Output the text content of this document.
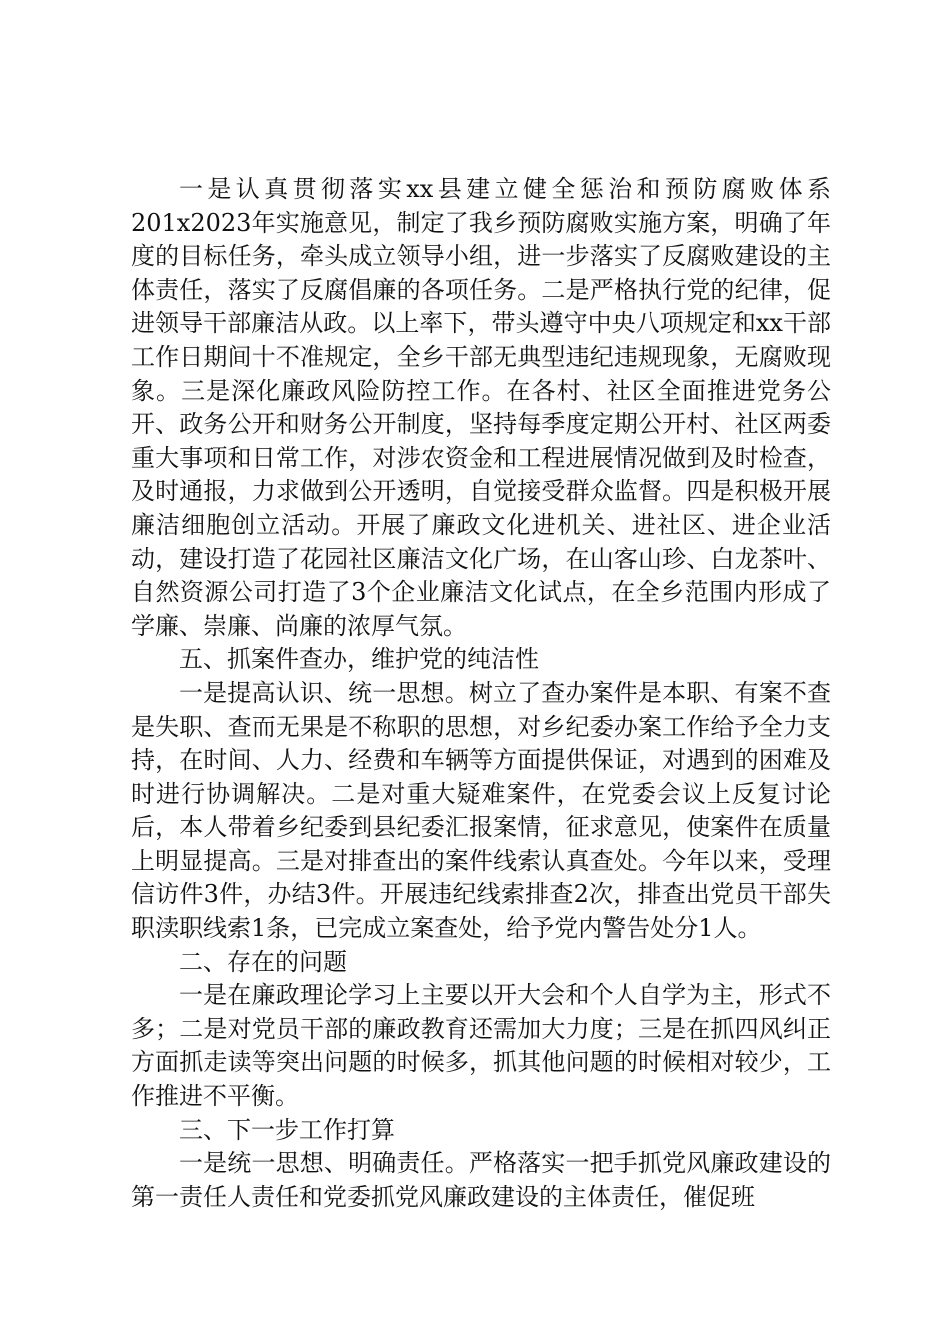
一是认真贯彻落实xx县建立健全惩治和预防腐败体系201x2023年实施意见，制定了我乡预防腐败实施方案，明确了年度的目标任务，牵头成立领导小组，进一步落实了反腐败建设的主体责任，落实了反腐倡廉的各项任务。二是严格执行党的纪律，促进领导干部廉洁从政。以上率下，带头遵守中央八项规定和xx干部工作日期间十不准规定，全乡干部无典型违纪违规现象，无腐败现象。三是深化廉政风险防控工作。在各村、社区全面推进党务公开、政务公开和财务公开制度，坚持每季度定期公开村、社区两委重大事项和日常工作，对涉农资金和工程进展情况做到及时检查，及时通报，力求做到公开透明，自觉接受群众监督。四是积极开展廉洁细胞创立活动。开展了廉政文化进机关、进社区、进企业活动，建设打造了花园社区廉洁文化广场，在山客山珍、白龙茶叶、自然资源公司打造了3个企业廉洁文化试点，在全乡范围内形成了学廉、崇廉、尚廉的浓厚气氛。

五、抓案件查办，维护党的纯洁性

一是提高认识、统一思想。树立了查办案件是本职、有案不查是失职、查而无果是不称职的思想，对乡纪委办案工作给予全力支持，在时间、人力、经费和车辆等方面提供保证，对遇到的困难及时进行协调解决。二是对重大疑难案件，在党委会议上反复讨论后，本人带着乡纪委到县纪委汇报案情，征求意见，使案件在质量上明显提高。三是对排查出的案件线索认真查处。今年以来，受理信访件3件，办结3件。开展违纪线索排查2次，排查出党员干部失职渎职线索1条，已完成立案查处，给予党内警告处分1人。

二、存在的问题

一是在廉政理论学习上主要以开大会和个人自学为主，形式不多；二是对党员干部的廉政教育还需加大力度；三是在抓四风纠正方面抓走读等突出问题的时候多，抓其他问题的时候相对较少，工作推进不平衡。

三、下一步工作打算

一是统一思想、明确责任。严格落实一把手抓党风廉政建设的第一责任人责任和党委抓党风廉政建设的主体责任，催促班
